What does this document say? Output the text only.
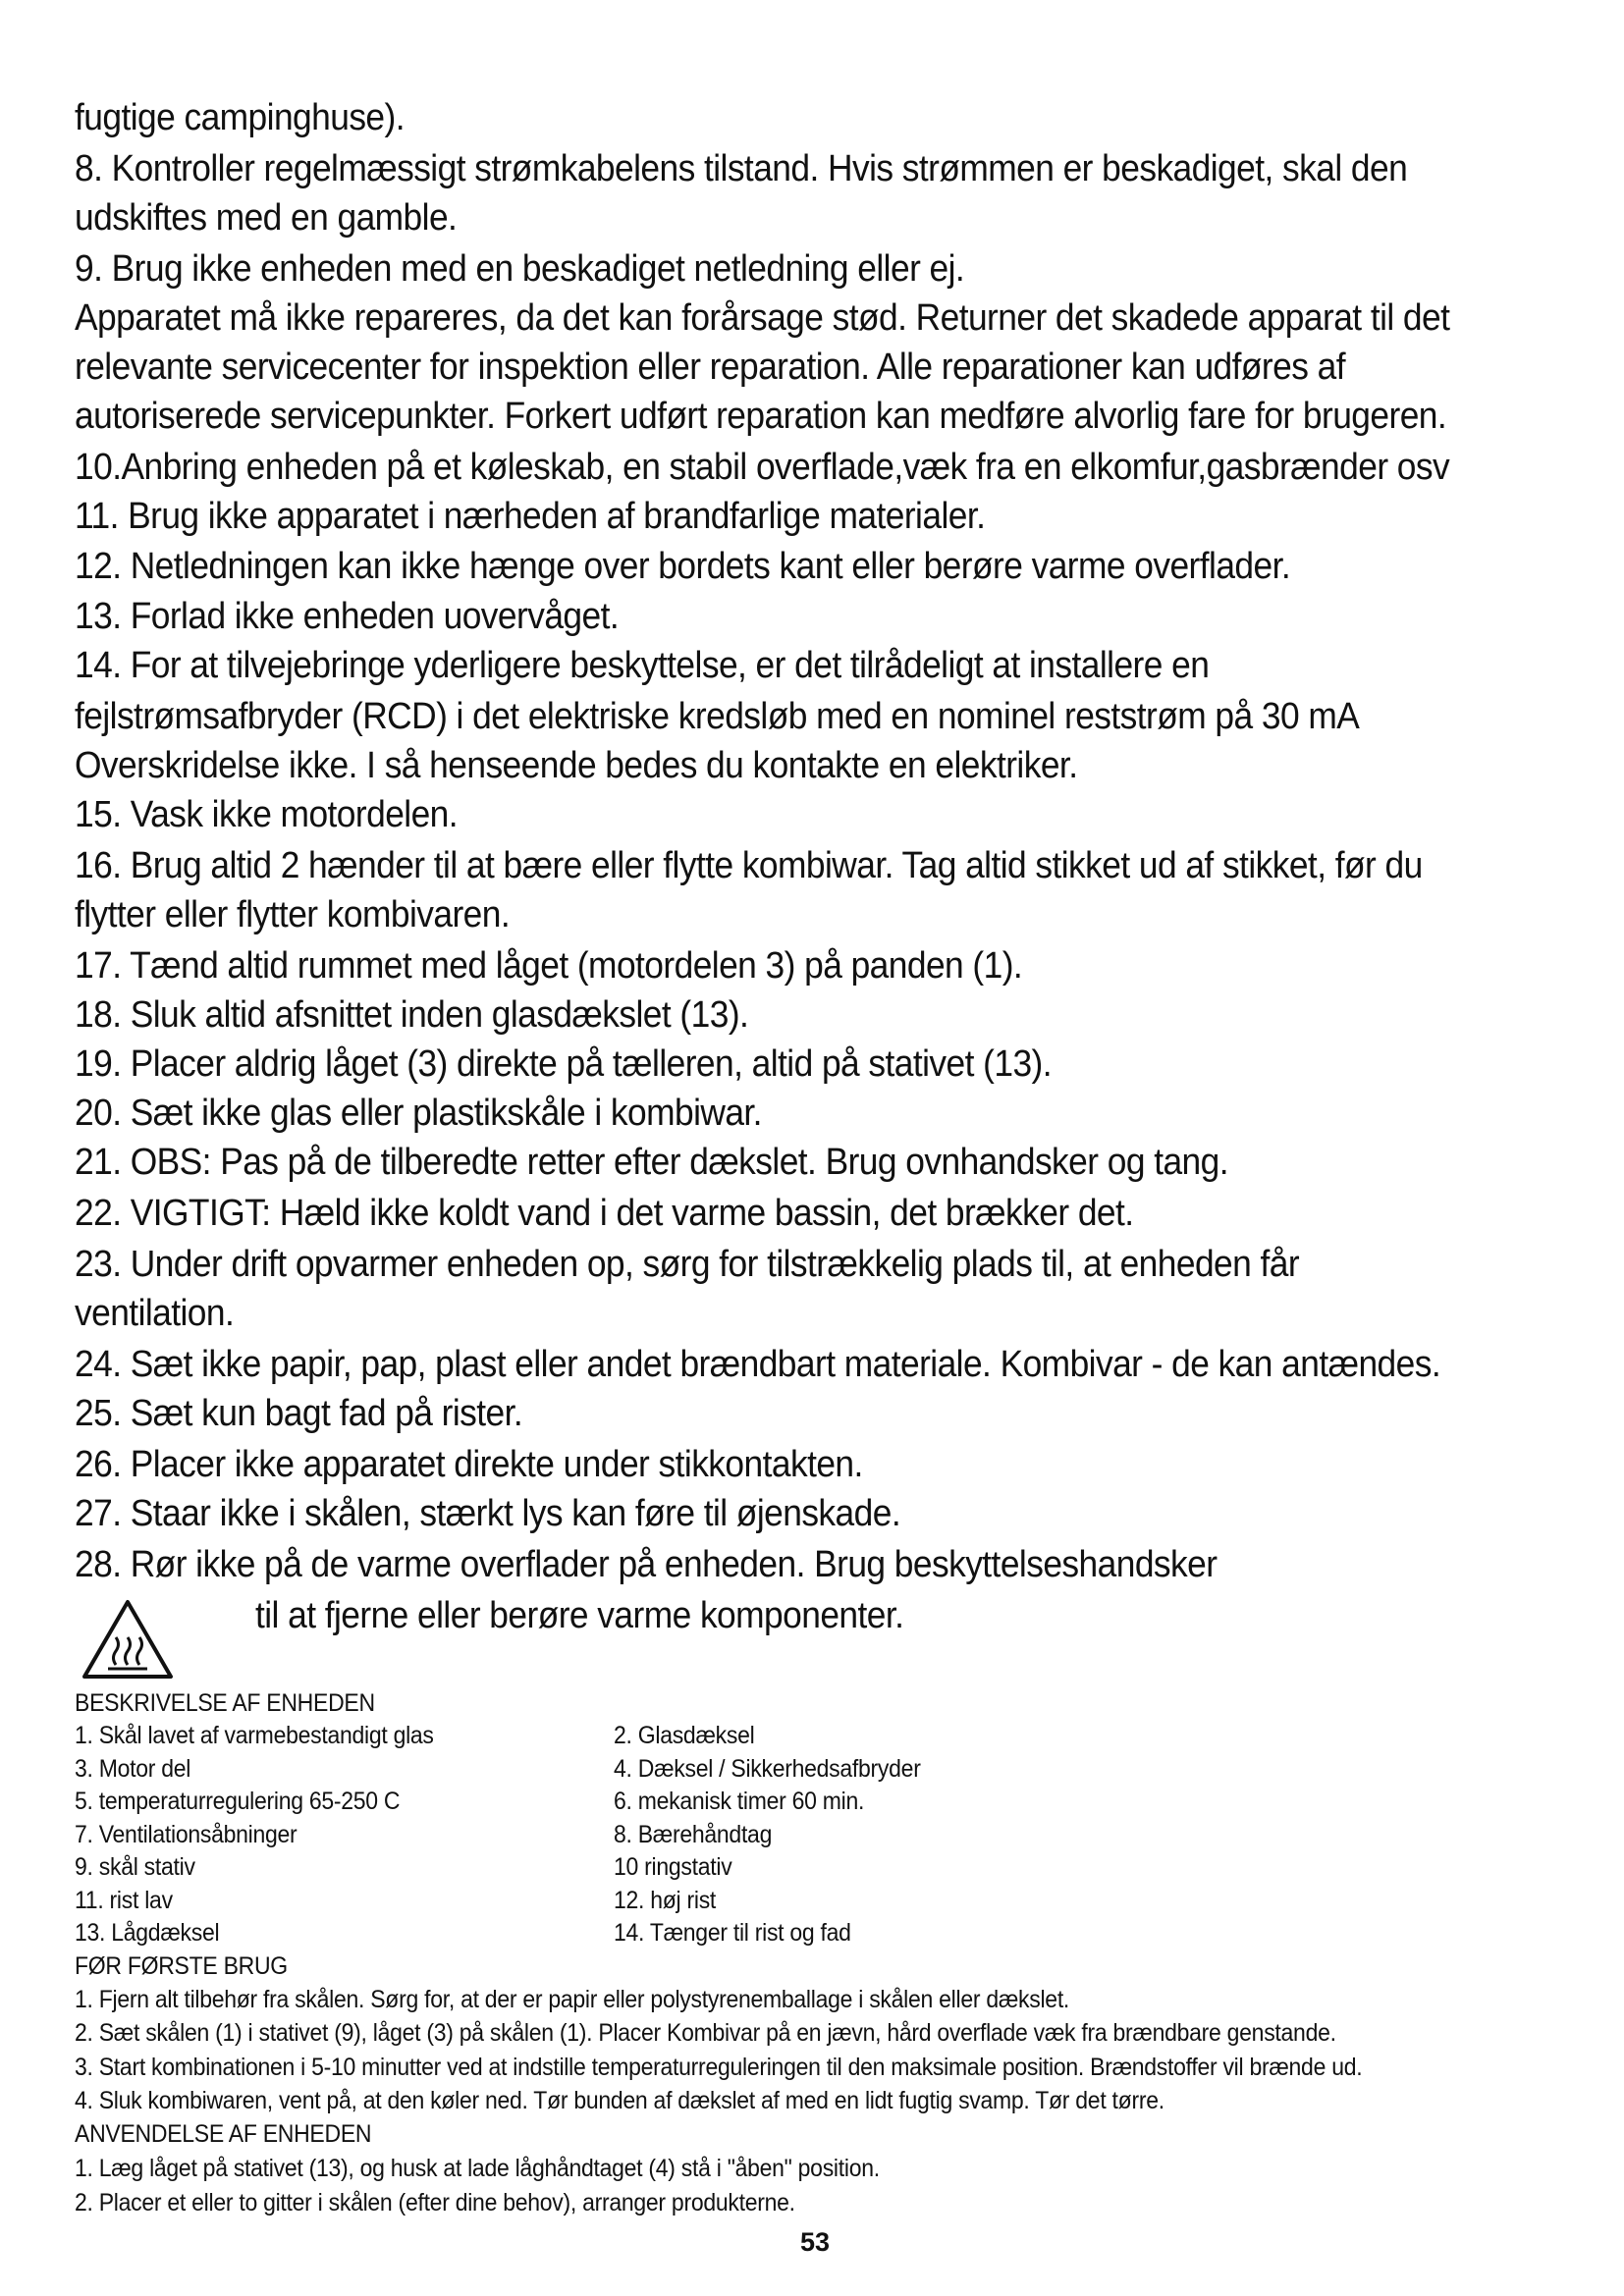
fugtige campinghuse).
8. Kontroller regelmæssigt strømkabelens tilstand. Hvis strømmen er beskadiget, skal den
udskiftes med en gamble.
9. Brug ikke enheden med en beskadiget netledning eller ej.
Apparatet må ikke repareres, da det kan forårsage stød. Returner det skadede apparat til det
relevante servicecenter for inspektion eller reparation. Alle reparationer kan udføres af
autoriserede servicepunkter. Forkert udført reparation kan medføre alvorlig fare for brugeren.
10.Anbring enheden på et køleskab, en stabil overflade,væk fra en elkomfur,gasbrænder osv
11. Brug ikke apparatet i nærheden af brandfarlige materialer.
12. Netledningen kan ikke hænge over bordets kant eller berøre varme overflader.
13. Forlad ikke enheden uovervåget.
14. For at tilvejebringe yderligere beskyttelse, er det tilrådeligt at installere en
fejlstrømsafbryder (RCD) i det elektriske kredsløb med en nominel reststrøm på 30 mA
Overskridelse ikke. I så henseende bedes du kontakte en elektriker.
15. Vask ikke motordelen.
16. Brug altid 2 hænder til at bære eller flytte kombiwar. Tag altid stikket ud af stikket, før du
flytter eller flytter kombivaren.
17. Tænd altid rummet med låget (motordelen 3) på panden (1).
18. Sluk altid afsnittet inden glasdækslet (13).
19. Placer aldrig låget (3) direkte på tælleren, altid på stativet (13).
20. Sæt ikke glas eller plastikskåle i kombiwar.
21. OBS: Pas på de tilberedte retter efter dækslet. Brug ovnhandsker og tang.
22. VIGTIGT: Hæld ikke koldt vand i det varme bassin, det brækker det.
23. Under drift opvarmer enheden op, sørg for tilstrækkelig plads til, at enheden får
ventilation.
24. Sæt ikke papir, pap, plast eller andet brændbart materiale. Kombivar - de kan antændes.
25. Sæt kun bagt fad på rister.
26. Placer ikke apparatet direkte under stikkontakten.
27. Staar ikke i skålen, stærkt lys kan føre til øjenskade.
28. Rør ikke på de varme overflader på enheden. Brug beskyttelseshandsker
til at fjerne eller berøre varme komponenter.
BESKRIVELSE AF ENHEDEN
1. Skål lavet af varmebestandigt glas	2. Glasdæksel
3. Motor del	4. Dæksel / Sikkerhedsafbryder
5. temperaturregulering 65-250 C	6. mekanisk timer 60 min.
7. Ventilationsåbninger	8. Bærehåndtag
9. skål stativ	10 ringstativ
11. rist lav	12. høj rist
13. Lågdæksel	14. Tænger til rist og fad
FØR FØRSTE BRUG
1. Fjern alt tilbehør fra skålen. Sørg for, at der er papir eller polystyrenemballage i skålen eller dækslet.
2. Sæt skålen (1) i stativet (9), låget (3) på skålen (1). Placer Kombivar på en jævn, hård overflade væk fra brændbare genstande.
3. Start kombinationen i 5-10 minutter ved at indstille temperaturreguleringen til den maksimale position. Brændstoffer vil brænde ud.
4. Sluk kombiwaren, vent på, at den køler ned. Tør bunden af dækslet af med en lidt fugtig svamp. Tør det tørre.
ANVENDELSE AF ENHEDEN
1. Læg låget på stativet (13), og husk at lade låghåndtaget (4) stå i "åben" position.
2. Placer et eller to gitter i skålen (efter dine behov), arranger produkterne.
53
